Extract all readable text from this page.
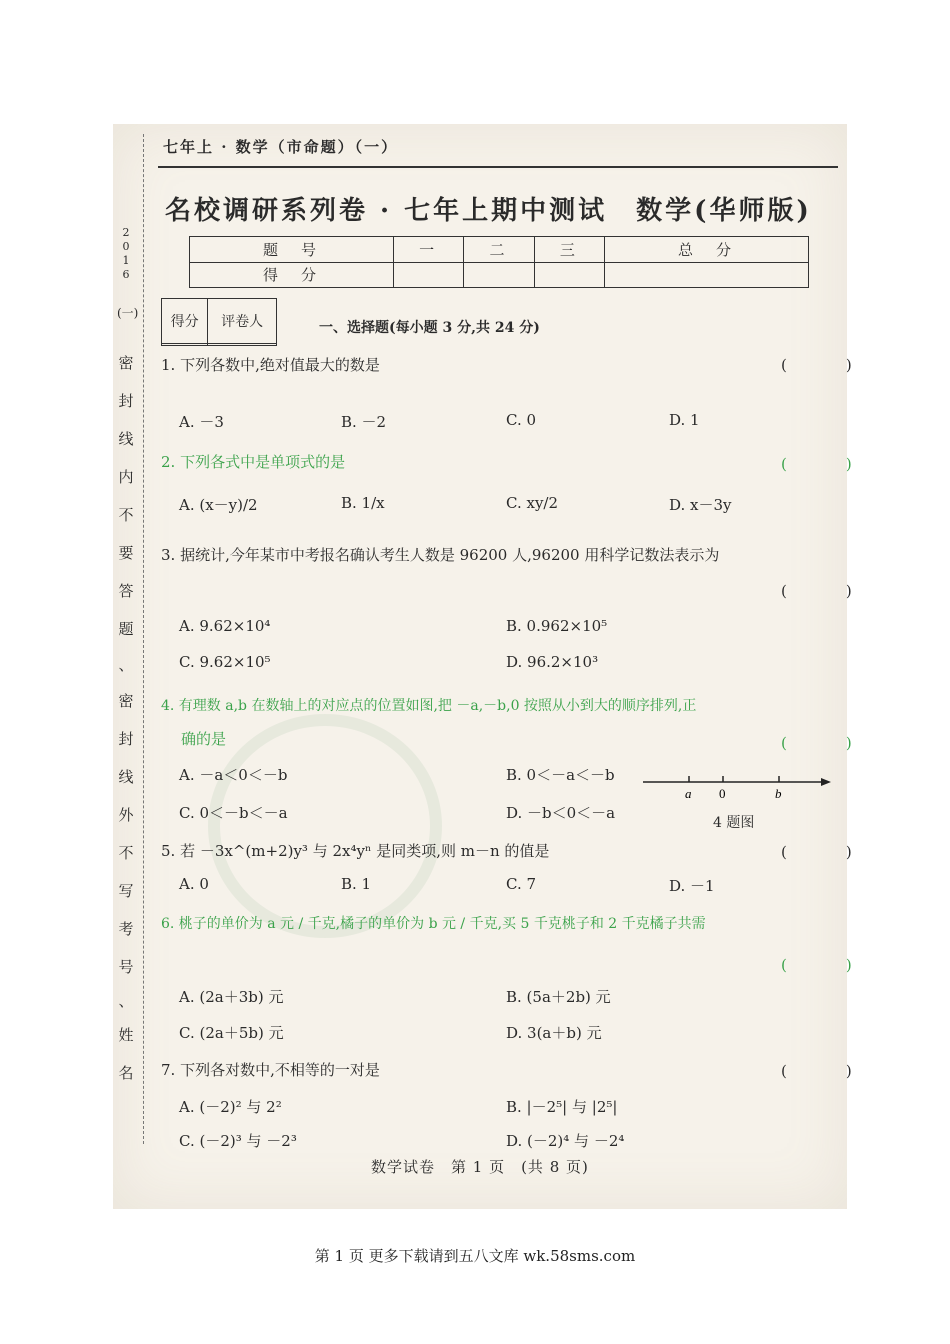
2
0
1
6
(一)
密
封
线
内
不
要
答
题
、
密
封
线
外
不
写
考
号
、
姓
名
七年上 · 数学（市命题）（一）
名校调研系列卷 · 七年上期中测试　数学(华师版)
题　号	一	二	三	总　分
得　分				
得分	评卷人
		一、选择题(每小题 3 分,共 24 分)
1. 下列各数中,绝对值最大的数是	(　)
A. －3	B. －2	C. 0	D. 1
2. 下列各式中是单项式的是	(　)
A. (x－y)/2	B. 1/x	C. xy/2	D. x－3y
3. 据统计,今年某市中考报名确认考生人数是 96200 人,96200 用科学记数法表示为
(　)
A. 9.62×10⁴	B. 0.962×10⁵
C. 9.62×10⁵	D. 96.2×10³
4. 有理数 a,b 在数轴上的对应点的位置如图,把 －a,－b,0 按照从小到大的顺序排列,正
确的是	(　)
A. －a＜0＜－b	B. 0＜－a＜－b
C. 0＜－b＜－a	D. －b＜0＜－a
a 0	b
4 题图
5. 若 －3x^(m+2)y³ 与 2x⁴yⁿ 是同类项,则 m－n 的值是	(　)
A. 0	B. 1	C. 7	D. －1
6. 桃子的单价为 a 元 / 千克,橘子的单价为 b 元 / 千克,买 5 千克桃子和 2 千克橘子共需
(　)
A. (2a＋3b) 元	B. (5a＋2b) 元
C. (2a＋5b) 元	D. 3(a＋b) 元
7. 下列各对数中,不相等的一对是	(　)
A. (－2)² 与 2²	B. |－2⁵| 与 |2⁵|
C. (－2)³ 与 －2³	D. (－2)⁴ 与 －2⁴
数学试卷　第 1 页　(共 8 页)
第 1 页 更多下载请到五八文库 wk.58sms.com
